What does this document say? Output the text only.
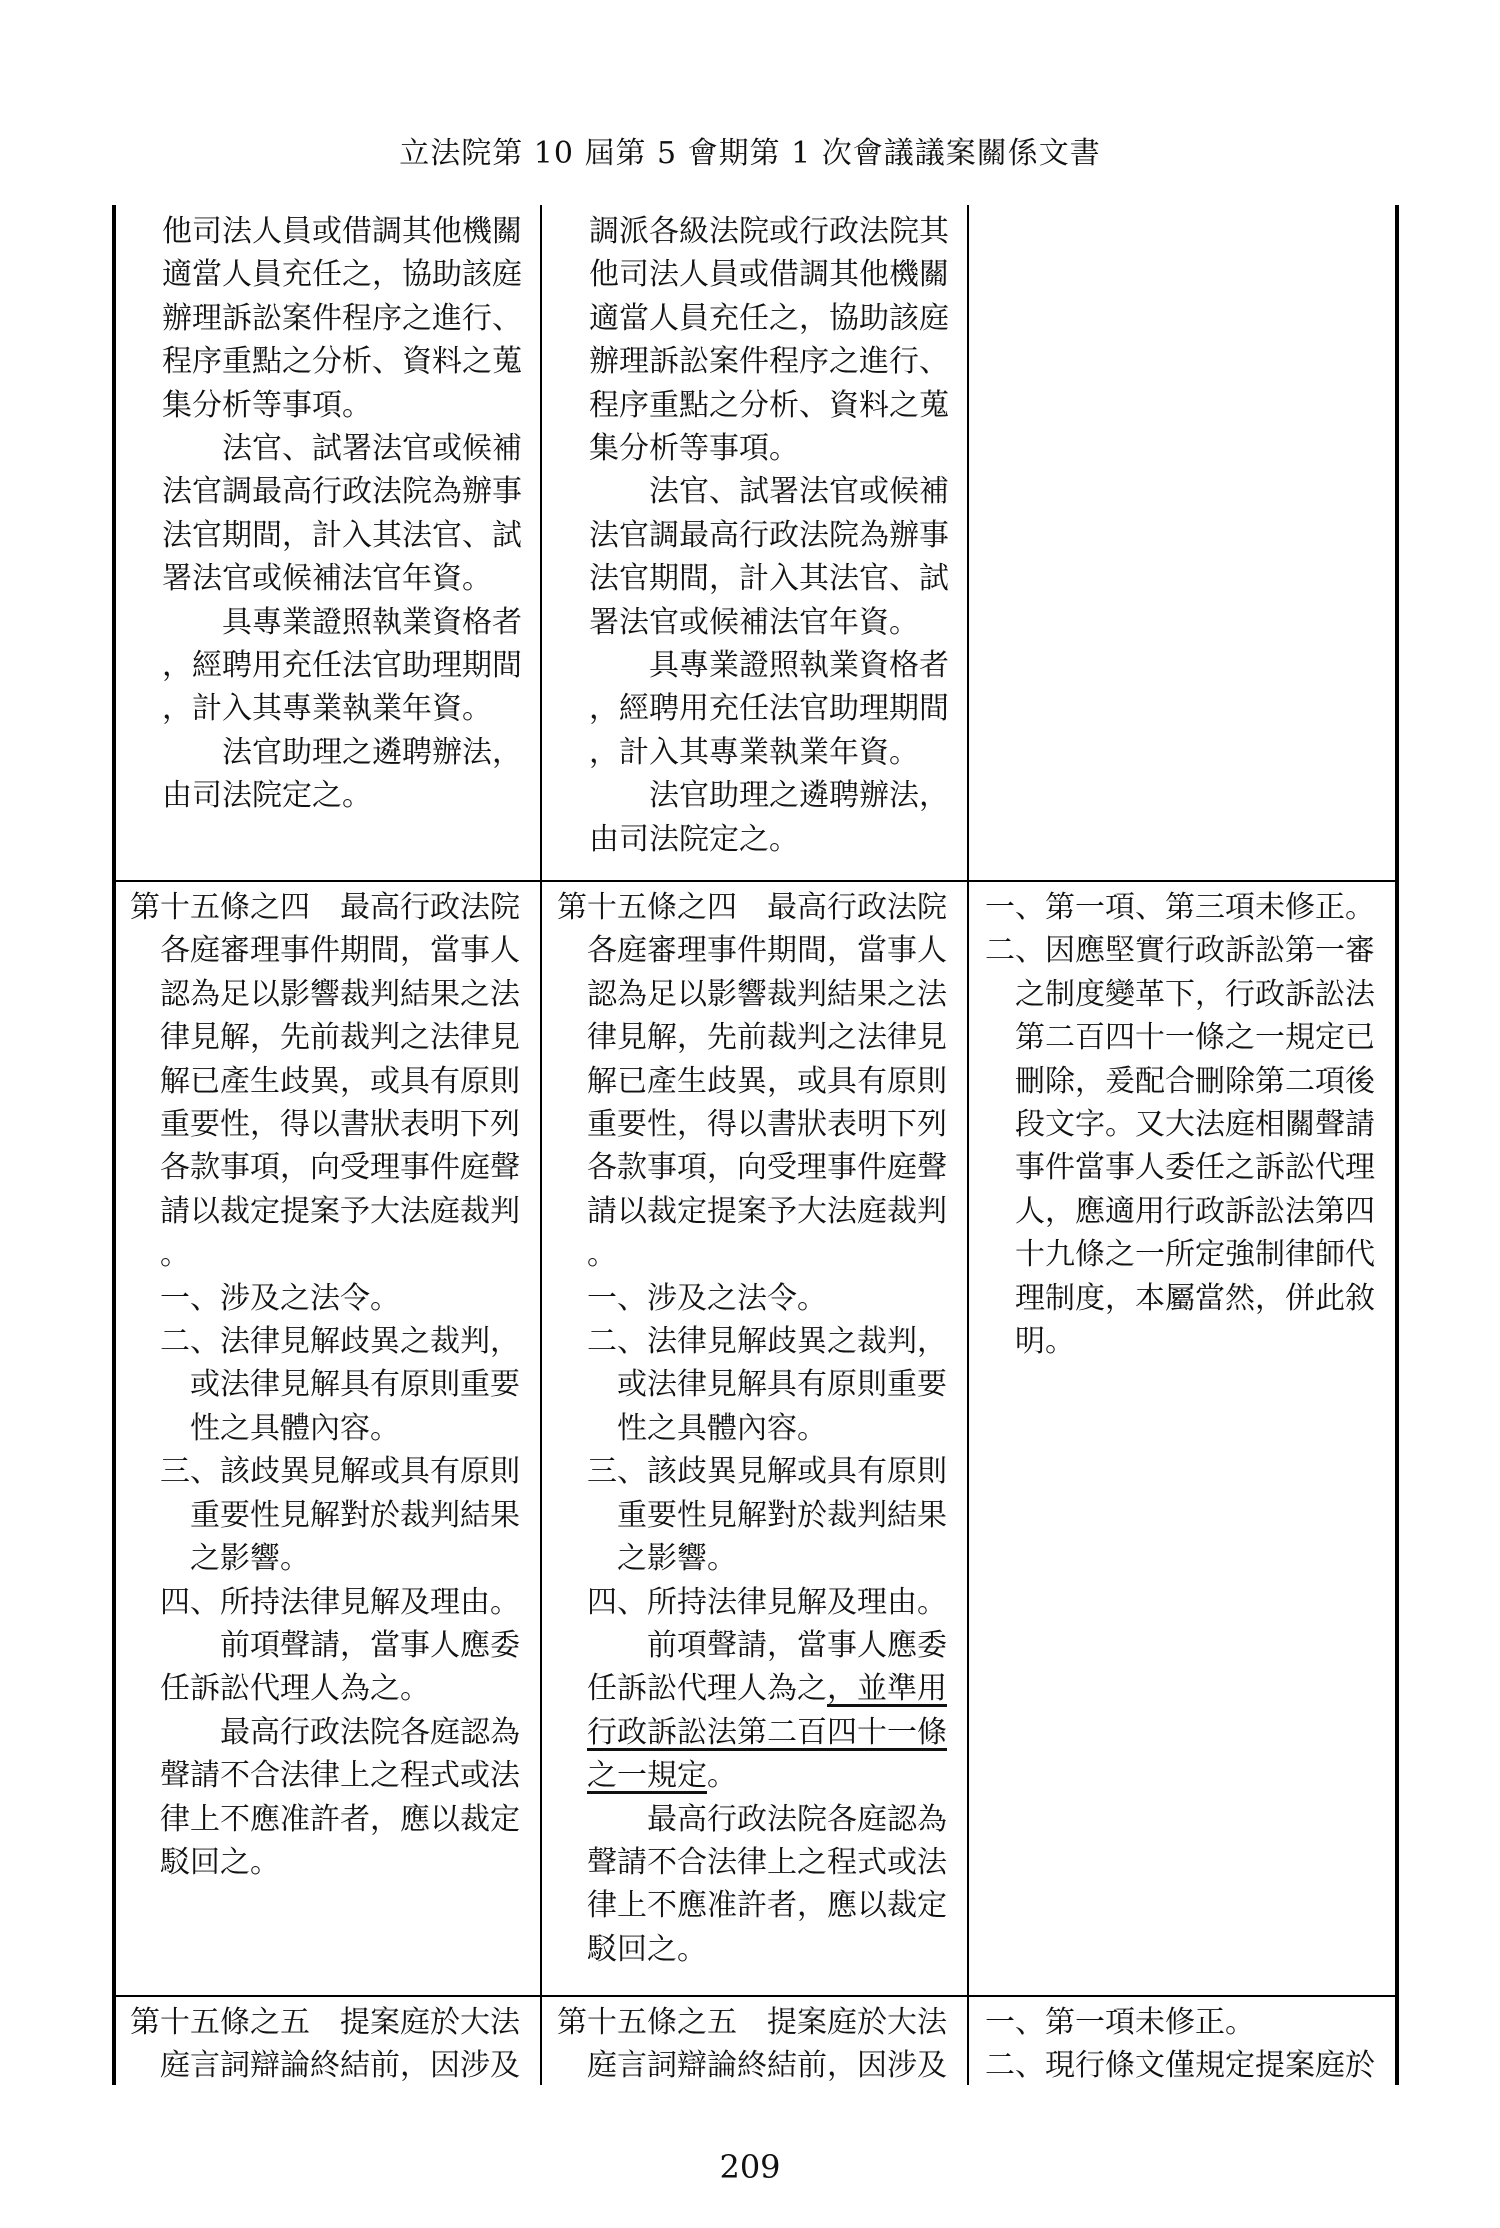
立法院第 10 屆第 5 會期第 1 次會議議案關係文書

他司法人員或借調其他機關

適當人員充任之，協助該庭

辦理訴訟案件程序之進行、

程序重點之分析、資料之蒐

集分析等事項。

法官、試署法官或候補

法官調最高行政法院為辦事

法官期間，計入其法官、試

署法官或候補法官年資。

具專業證照執業資格者

，經聘用充任法官助理期間

，計入其專業執業年資。

法官助理之遴聘辦法，

由司法院定之。

調派各級法院或行政法院其

他司法人員或借調其他機關

適當人員充任之，協助該庭

辦理訴訟案件程序之進行、

程序重點之分析、資料之蒐

集分析等事項。

法官、試署法官或候補

法官調最高行政法院為辦事

法官期間，計入其法官、試

署法官或候補法官年資。

具專業證照執業資格者

，經聘用充任法官助理期間

，計入其專業執業年資。

法官助理之遴聘辦法，

由司法院定之。

第十五條之四　最高行政法院

各庭審理事件期間，當事人

認為足以影響裁判結果之法

律見解，先前裁判之法律見

解已產生歧異，或具有原則

重要性，得以書狀表明下列

各款事項，向受理事件庭聲

請以裁定提案予大法庭裁判

。

一、涉及之法令。

二、法律見解歧異之裁判，

或法律見解具有原則重要

性之具體內容。

三、該歧異見解或具有原則

重要性見解對於裁判結果

之影響。

四、所持法律見解及理由。

前項聲請，當事人應委

任訴訟代理人為之。

最高行政法院各庭認為

聲請不合法律上之程式或法

律上不應准許者，應以裁定

駁回之。

第十五條之四　最高行政法院

各庭審理事件期間，當事人

認為足以影響裁判結果之法

律見解，先前裁判之法律見

解已產生歧異，或具有原則

重要性，得以書狀表明下列

各款事項，向受理事件庭聲

請以裁定提案予大法庭裁判

。

一、涉及之法令。

二、法律見解歧異之裁判，

或法律見解具有原則重要

性之具體內容。

三、該歧異見解或具有原則

重要性見解對於裁判結果

之影響。

四、所持法律見解及理由。

前項聲請，當事人應委

任訴訟代理人為之，並準用

行政訴訟法第二百四十一條

之一規定。

最高行政法院各庭認為

聲請不合法律上之程式或法

律上不應准許者，應以裁定

駁回之。

一、第一項、第三項未修正。

二、因應堅實行政訴訟第一審

之制度變革下，行政訴訟法

第二百四十一條之一規定已

刪除，爰配合刪除第二項後

段文字。又大法庭相關聲請

事件當事人委任之訴訟代理

人，應適用行政訴訟法第四

十九條之一所定強制律師代

理制度，本屬當然，併此敘

明。

第十五條之五　提案庭於大法

庭言詞辯論終結前，因涉及

第十五條之五　提案庭於大法

庭言詞辯論終結前，因涉及

一、第一項未修正。

二、現行條文僅規定提案庭於

209
